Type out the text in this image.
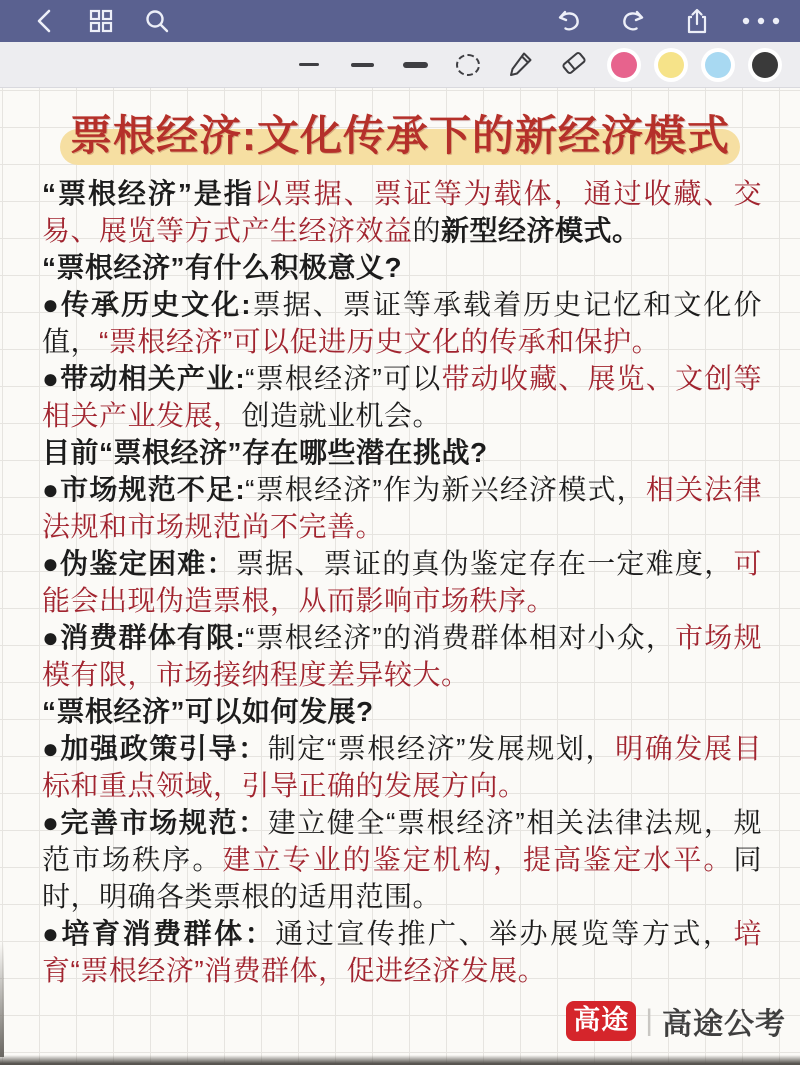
票根经济:文化传承下的新经济模式

“票根经济”是指以票据、票证等为载体，通过收藏、交易、展览等方式产生经济效益的新型经济模式。

“票根经济”有什么积极意义?

●传承历史文化:票据、票证等承载着历史记忆和文化价值，“票根经济”可以促进历史文化的传承和保护。

●带动相关产业:“票根经济”可以带动收藏、展览、文创等相关产业发展，创造就业机会。

目前“票根经济”存在哪些潜在挑战?

●市场规范不足:“票根经济”作为新兴经济模式，相关法律法规和市场规范尚不完善。

●伪鉴定困难：票据、票证的真伪鉴定存在一定难度，可能会出现伪造票根，从而影响市场秩序。

●消费群体有限:“票根经济”的消费群体相对小众，市场规模有限，市场接纳程度差异较大。

“票根经济”可以如何发展?

●加强政策引导：制定“票根经济”发展规划，明确发展目标和重点领域，引导正确的发展方向。

●完善市场规范：建立健全“票根经济”相关法律法规，规范市场秩序。建立专业的鉴定机构，提高鉴定水平。同时，明确各类票根的适用范围。

●培育消费群体：通过宣传推广、举办展览等方式，培育“票根经济”消费群体，促进经济发展。

高途 | 高途公考
